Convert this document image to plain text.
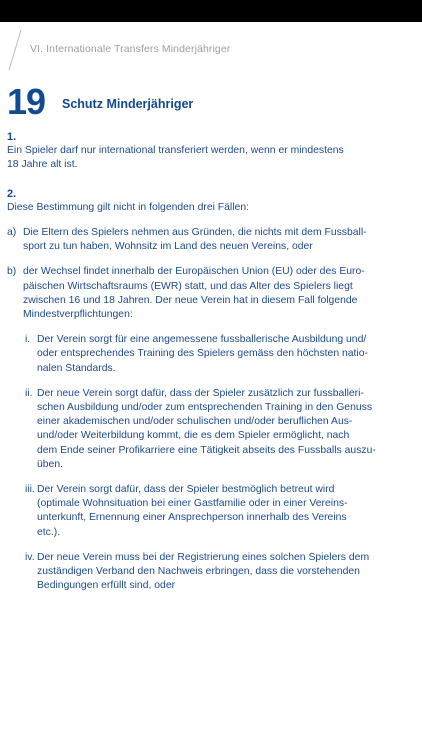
VI. Internationale Transfers Minderjähriger
19 Schutz Minderjähriger
1.
Ein Spieler darf nur international transferiert werden, wenn er mindestens
18 Jahre alt ist.
2.
Diese Bestimmung gilt nicht in folgenden drei Fällen:
a) Die Eltern des Spielers nehmen aus Gründen, die nichts mit dem Fussball-
sport zu tun haben, Wohnsitz im Land des neuen Vereins, oder
b) der Wechsel findet innerhalb der Europäischen Union (EU) oder des Euro-
päischen Wirtschaftsraums (EWR) statt, und das Alter des Spielers liegt
zwischen 16 und 18 Jahren. Der neue Verein hat in diesem Fall folgende
Mindestverpflichtungen:
i. Der Verein sorgt für eine angemessene fussballerische Ausbildung und/
oder entsprechendes Training des Spielers gemäss den höchsten natio-
nalen Standards.
ii. Der neue Verein sorgt dafür, dass der Spieler zusätzlich zur fussballeri-
schen Ausbildung und/oder zum entsprechenden Training in den Genuss
einer akademischen und/oder schulischen und/oder beruflichen Aus-
und/oder Weiterbildung kommt, die es dem Spieler ermöglicht, nach
dem Ende seiner Profikarriere eine Tätigkeit abseits des Fussballs auszu-
üben.
iii. Der Verein sorgt dafür, dass der Spieler bestmöglich betreut wird
(optimale Wohnsituation bei einer Gastfamilie oder in einer Vereins-
unterkunft, Ernennung einer Ansprechperson innerhalb des Vereins
etc.).
iv. Der neue Verein muss bei der Registrierung eines solchen Spielers dem
zuständigen Verband den Nachweis erbringen, dass die vorstehenden
Bedingungen erfüllt sind, oder
